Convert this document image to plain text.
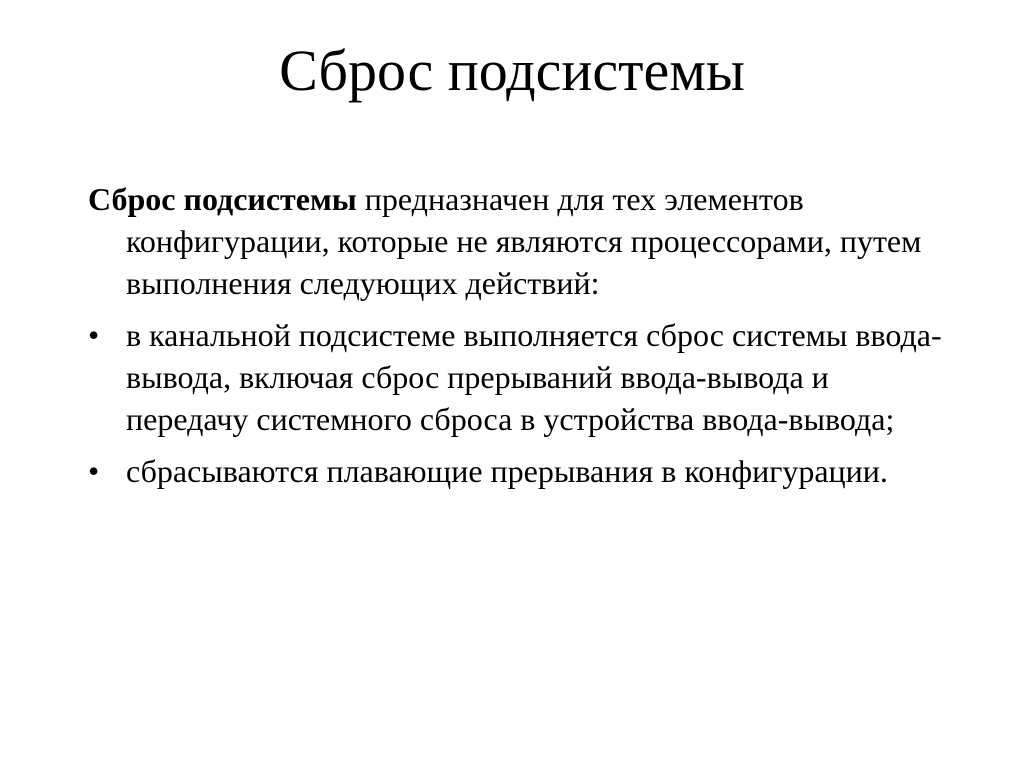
Сброс подсистемы

Сброс подсистемы предназначен для тех элементов конфигурации, которые не являются процессорами, путем выполнения следующих действий:

• в канальной подсистеме выполняется сброс системы ввода-вывода, включая сброс прерываний ввода-вывода и передачу системного сброса в устройства ввода-вывода;
• сбрасываются плавающие прерывания в конфигурации.
